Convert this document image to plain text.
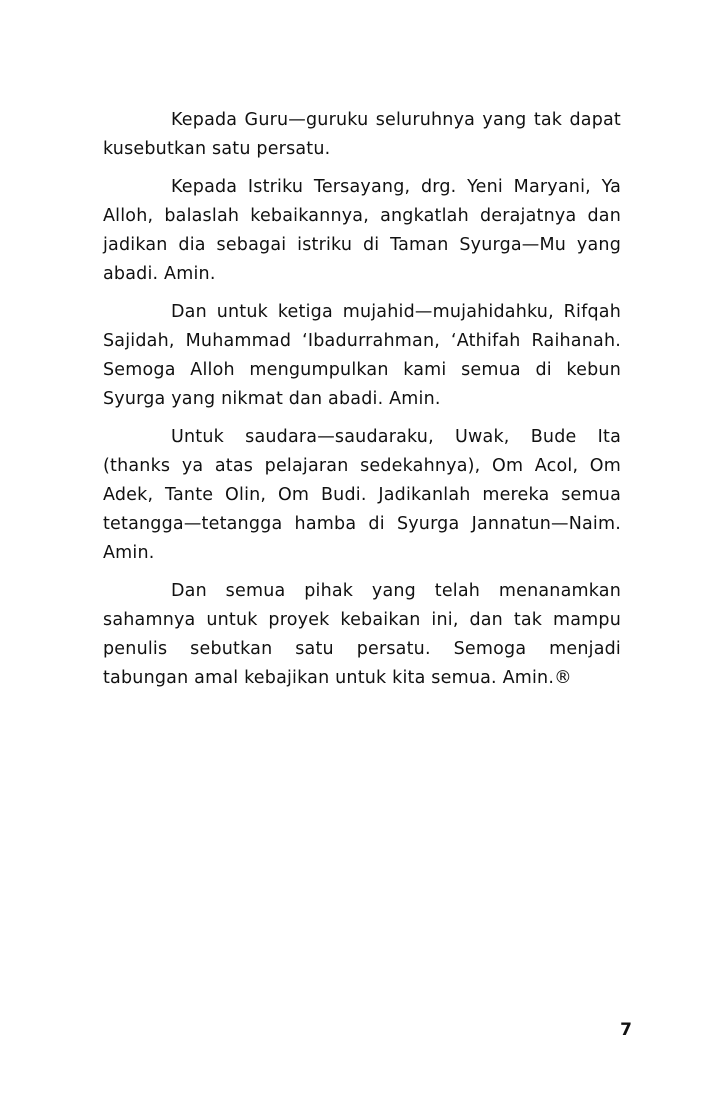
Kepada Guru—guruku seluruhnya yang tak dapat kusebutkan satu persatu.

Kepada Istriku Tersayang, drg. Yeni Maryani, Ya Alloh, balaslah kebaikannya, angkatlah derajatnya dan jadikan dia sebagai istriku di Taman Syurga—Mu yang abadi. Amin.

Dan untuk ketiga mujahid—mujahidahku, Rifqah Sajidah, Muhammad ‘Ibadurrahman, ‘Athifah Raihanah. Semoga Alloh mengumpulkan kami semua di kebun Syurga yang nikmat dan abadi. Amin.

Untuk saudara—saudaraku, Uwak, Bude Ita (thanks ya atas pelajaran sedekahnya), Om Acol, Om Adek, Tante Olin, Om Budi. Jadikanlah mereka semua tetangga—tetangga hamba di Syurga Jannatun—Naim. Amin.

Dan semua pihak yang telah menanamkan sahamnya untuk proyek kebaikan ini, dan tak mampu penulis sebutkan satu persatu. Semoga menjadi tabungan amal kebajikan untuk kita semua. Amin.®

7
